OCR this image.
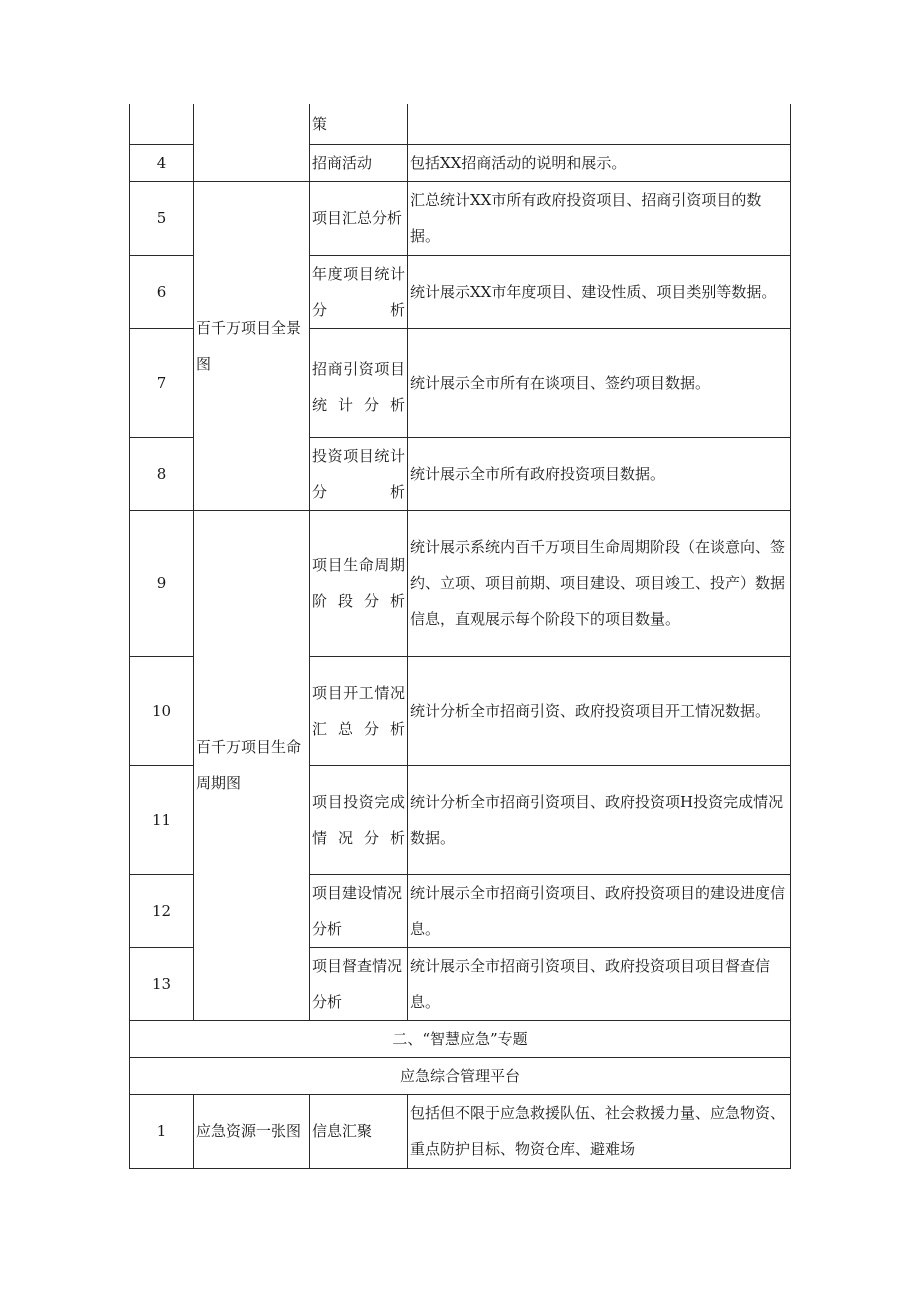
		策	
4		招商活动	包括XX招商活动的说明和展示。
5	百千万项目全景图	项目汇总分析	汇总统计XX市所有政府投资项目、招商引资项目的数据。
6		年度项目统计分析	统计展示XX市年度项目、建设性质、项目类别等数据。
7		招商引资项目统计分析	统计展示全市所有在谈项目、签约项目数据。
8		投资项目统计分析	统计展示全市所有政府投资项目数据。
9	百千万项目生命周期图	项目生命周期阶段分析	统计展示系统内百千万项目生命周期阶段（在谈意向、签约、立项、项目前期、项目建设、项目竣工、投产）数据信息，直观展示每个阶段下的项目数量。
10		项目开工情况汇总分析	统计分析全市招商引资、政府投资项目开工情况数据。
11		项目投资完成情况分析	统计分析全市招商引资项目、政府投资项H投资完成情况数据。
12		项目建设情况分析	统计展示全市招商引资项目、政府投资项目的建设进度信息。
13		项目督查情况分析	统计展示全市招商引资项目、政府投资项目项目督查信息。
二、“智慧应急”专题			
应急综合管理平台			
1	应急资源一张图	信息汇聚	包括但不限于应急救援队伍、社会救援力量、应急物资、重点防护目标、物资仓库、避难场
